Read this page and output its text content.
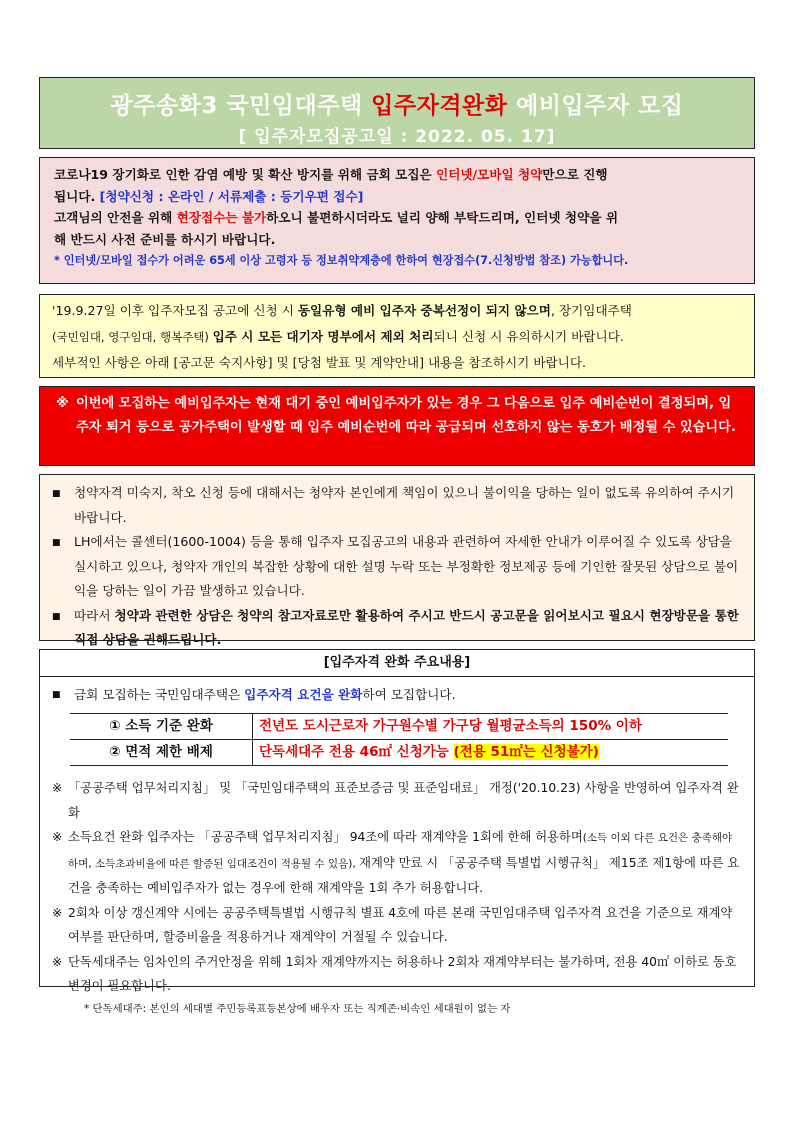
광주송화3 국민임대주택 입주자격완화 예비입주자 모집
[ 입주자모집공고일 : 2022. 05. 17]
코로나19 장기화로 인한 감염 예방 및 확산 방지를 위해 금회 모집은 인터넷/모바일 청약만으로 진행
됩니다. [청약신청 : 온라인 / 서류제출 : 등기우편 접수]
고객님의 안전을 위해 현장접수는 불가하오니 불편하시더라도 널리 양해 부탁드리며, 인터넷 청약을 위
해 반드시 사전 준비를 하시기 바랍니다.
* 인터넷/모바일 접수가 어려운 65세 이상 고령자 등 정보취약계층에 한하여 현장접수(7.신청방법 참조) 가능합니다.
'19.9.27일 이후 입주자모집 공고에 신청 시 동일유형 예비 입주자 중복선정이 되지 않으며, 장기임대주택
(국민임대, 영구임대, 행복주택) 입주 시 모든 대기자 명부에서 제외 처리되니 신청 시 유의하시기 바랍니다.
세부적인 사항은 아래 [공고문 숙지사항] 및 [당첨 발표 및 계약안내] 내용을 참조하시기 바랍니다.
※ 이번에 모집하는 예비입주자는 현재 대기 중인 예비입주자가 있는 경우 그 다음으로 입주 예비순번이 결정되며, 입주자 퇴거 등으로 공가주택이 발생할 때 입주 예비순번에 따라 공급되며 선호하지 않는 동호가 배정될 수 있습니다.
■	청약자격 미숙지, 착오 신청 등에 대해서는 청약자 본인에게 책임이 있으니 불이익을 당하는 일이 없도록 유의하여 주시기 바랍니다.
■	LH에서는 콜센터(1600-1004) 등을 통해 입주자 모집공고의 내용과 관련하여 자세한 안내가 이루어질 수 있도록 상담을 실시하고 있으나, 청약자 개인의 복잡한 상황에 대한 설명 누락 또는 부정확한 정보제공 등에 기인한 잘못된 상담으로 불이익을 당하는 일이 가끔 발생하고 있습니다.
■	따라서 청약과 관련한 상담은 청약의 참고자료로만 활용하여 주시고 반드시 공고문을 읽어보시고 필요시 현장방문을 통한 직접 상담을 권해드립니다.
[입주자격 완화 주요내용]
■	금회 모집하는 국민임대주택은 입주자격 요건을 완화하여 모집합니다.
① 소득 기준 완화	전년도 도시근로자 가구원수별 가구당 월평균소득의 150% 이하
② 면적 제한 배제	단독세대주 전용 46㎡ 신청가능 (전용 51㎡는 신청불가)
※ 「공공주택 업무처리지침」 및 「국민임대주택의 표준보증금 및 표준임대료」 개정('20.10.23) 사항을 반영하여 입주자격 완화
※ 소득요건 완화 입주자는 「공공주택 업무처리지침」 94조에 따라 재계약을 1회에 한해 허용하며(소득 이외 다른 요건은 충족해야하며, 소득초과비율에 따른 할증된 임대조건이 적용될 수 있음), 재계약 만료 시 「공공주택 특별법 시행규칙」 제15조 제1항에 따른 요건을 충족하는 예비입주자가 없는 경우에 한해 재계약을 1회 추가 허용합니다.
※ 2회차 이상 갱신계약 시에는 공공주택특별법 시행규칙 별표 4호에 따른 본래 국민임대주택 입주자격 요건을 기준으로 재계약 여부를 판단하며, 할증비율을 적용하거나 재계약이 거절될 수 있습니다.
※ 단독세대주는 임차인의 주거안정을 위해 1회차 재계약까지는 허용하나 2회차 재계약부터는 불가하며, 전용 40㎡ 이하로 동호변경이 필요합니다.
* 단독세대주: 본인의 세대별 주민등록표등본상에 배우자 또는 직계존·비속인 세대원이 없는 자
